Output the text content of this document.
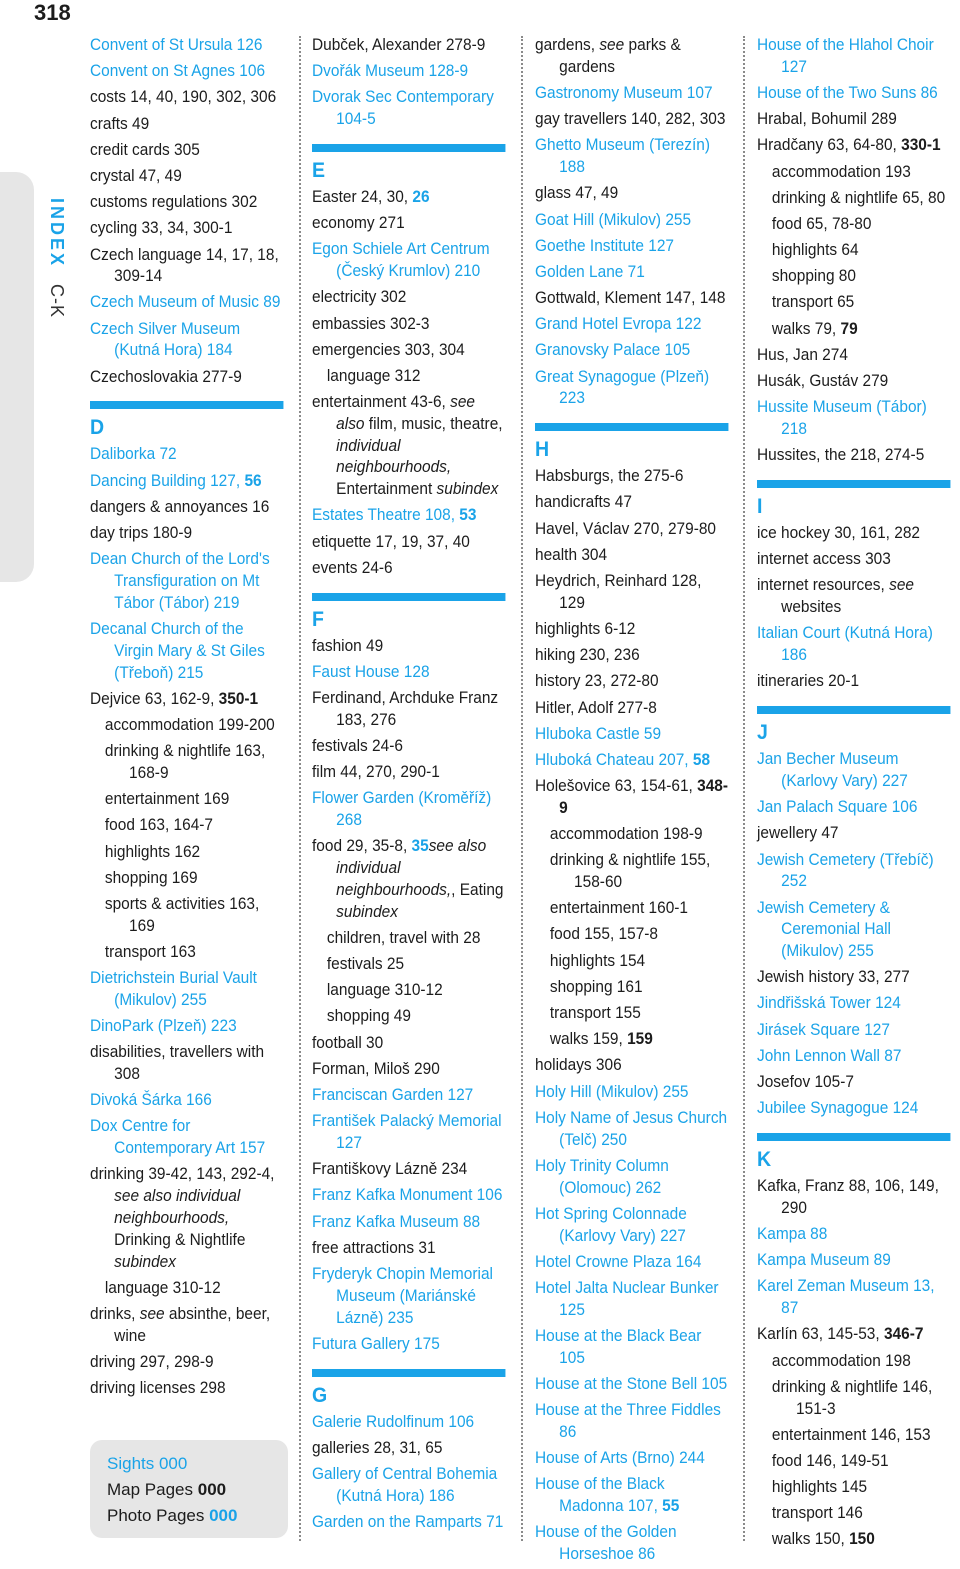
318
INDEX C-K
Convent of St Ursula 126
Convent on St Agnes 106
costs 14, 40, 190, 302, 306
crafts 49
credit cards 305
crystal 47, 49
customs regulations 302
cycling 33, 34, 300-1
Czech language 14, 17, 18, 309-14
Czech Museum of Music 89
Czech Silver Museum (Kutná Hora) 184
Czechoslovakia 277-9
D
Daliborka 72
Dancing Building 127, 56
dangers & annoyances 16
day trips 180-9
Dean Church of the Lord's Transfiguration on Mt Tábor (Tábor) 219
Decanal Church of the Virgin Mary & St Giles (Třeboň) 215
Dejvice 63, 162-9, 350-1
accommodation 199-200
drinking & nightlife 163, 168-9
entertainment 169
food 163, 164-7
highlights 162
shopping 169
sports & activities 163, 169
transport 163
Dietrichstein Burial Vault (Mikulov) 255
DinoPark (Plzeň) 223
disabilities, travellers with 308
Divoká Šárka 166
Dox Centre for Contemporary Art 157
drinking 39-42, 143, 292-4, see also individual neighbourhoods, Drinking & Nightlife subindex
language 310-12
drinks, see absinthe, beer, wine
driving 297, 298-9
driving licenses 298
Dubček, Alexander 278-9
Dvořák Museum 128-9
Dvorak Sec Contemporary 104-5
E
Easter 24, 30, 26
economy 271
Egon Schiele Art Centrum (Český Krumlov) 210
electricity 302
embassies 302-3
emergencies 303, 304
language 312
entertainment 43-6, see also film, music, theatre, individual neighbourhoods, Entertainment subindex
Estates Theatre 108, 53
etiquette 17, 19, 37, 40
events 24-6
F
fashion 49
Faust House 128
Ferdinand, Archduke Franz 183, 276
festivals 24-6
film 44, 270, 290-1
Flower Garden (Kroměříž) 268
food 29, 35-8, 35see also individual neighbourhoods,, Eating subindex
children, travel with 28
festivals 25
language 310-12
shopping 49
football 30
Forman, Miloš 290
Franciscan Garden 127
František Palacký Memorial 127
Františkovy Lázně 234
Franz Kafka Monument 106
Franz Kafka Museum 88
free attractions 31
Fryderyk Chopin Memorial Museum (Mariánské Lázně) 235
Futura Gallery 175
G
Galerie Rudolfinum 106
galleries 28, 31, 65
Gallery of Central Bohemia (Kutná Hora) 186
Garden on the Ramparts 71
gardens, see parks & gardens
Gastronomy Museum 107
gay travellers 140, 282, 303
Ghetto Museum (Terezín) 188
glass 47, 49
Goat Hill (Mikulov) 255
Goethe Institute 127
Golden Lane 71
Gottwald, Klement 147, 148
Grand Hotel Evropa 122
Granovsky Palace 105
Great Synagogue (Plzeň) 223
H
Habsburgs, the 275-6
handicrafts 47
Havel, Václav 270, 279-80
health 304
Heydrich, Reinhard 128, 129
highlights 6-12
hiking 230, 236
history 23, 272-80
Hitler, Adolf 277-8
Hluboka Castle 59
Hluboká Chateau 207, 58
Holešovice 63, 154-61, 348-9
accommodation 198-9
drinking & nightlife 155, 158-60
entertainment 160-1
food 155, 157-8
highlights 154
shopping 161
transport 155
walks 159, 159
holidays 306
Holy Hill (Mikulov) 255
Holy Name of Jesus Church (Telč) 250
Holy Trinity Column (Olomouc) 262
Hot Spring Colonnade (Karlovy Vary) 227
Hotel Crowne Plaza 164
Hotel Jalta Nuclear Bunker 125
House at the Black Bear 105
House at the Stone Bell 105
House at the Three Fiddles 86
House of Arts (Brno) 244
House of the Black Madonna 107, 55
House of the Golden Horseshoe 86
House of the Hlahol Choir 127
House of the Two Suns 86
Hrabal, Bohumil 289
Hradčany 63, 64-80, 330-1
accommodation 193
drinking & nightlife 65, 80
food 65, 78-80
highlights 64
shopping 80
transport 65
walks 79, 79
Hus, Jan 274
Husák, Gustáv 279
Hussite Museum (Tábor) 218
Hussites, the 218, 274-5
I
ice hockey 30, 161, 282
internet access 303
internet resources, see websites
Italian Court (Kutná Hora) 186
itineraries 20-1
J
Jan Becher Museum (Karlovy Vary) 227
Jan Palach Square 106
jewellery 47
Jewish Cemetery (Třebíč) 252
Jewish Cemetery & Ceremonial Hall (Mikulov) 255
Jewish history 33, 277
Jindřišská Tower 124
Jirásek Square 127
John Lennon Wall 87
Josefov 105-7
Jubilee Synagogue 124
K
Kafka, Franz 88, 106, 149, 290
Kampa 88
Kampa Museum 89
Karel Zeman Museum 13, 87
Karlín 63, 145-53, 346-7
accommodation 198
drinking & nightlife 146, 151-3
entertainment 146, 153
food 146, 149-51
highlights 145
transport 146
walks 150, 150
Sights 000
Map Pages 000
Photo Pages 000
